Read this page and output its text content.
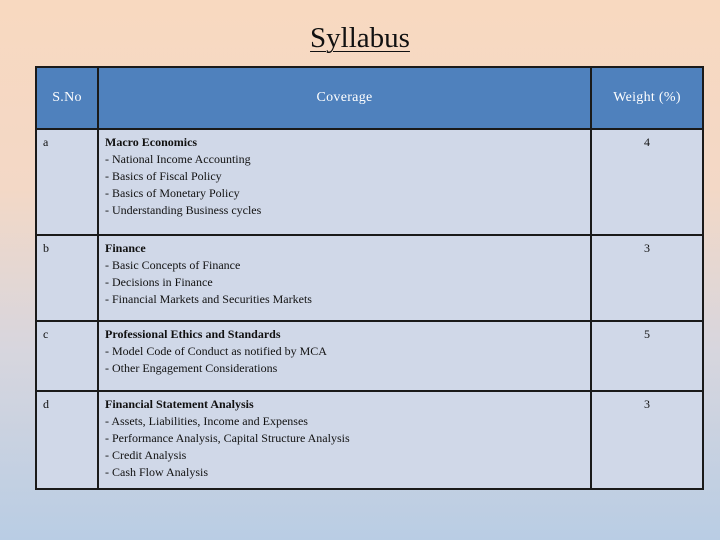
Syllabus
S.No	Coverage	Weight (%)
a	Macro Economics
- National Income Accounting
- Basics of Fiscal Policy
- Basics of Monetary Policy
- Understanding Business cycles	4
b	Finance
- Basic Concepts of Finance
- Decisions in Finance
- Financial Markets and Securities Markets	3
c	Professional Ethics and Standards
- Model Code of Conduct as notified by MCA
- Other Engagement Considerations	5
d	Financial Statement Analysis
- Assets, Liabilities, Income and Expenses
- Performance Analysis, Capital Structure Analysis
- Credit Analysis
- Cash Flow Analysis	3
